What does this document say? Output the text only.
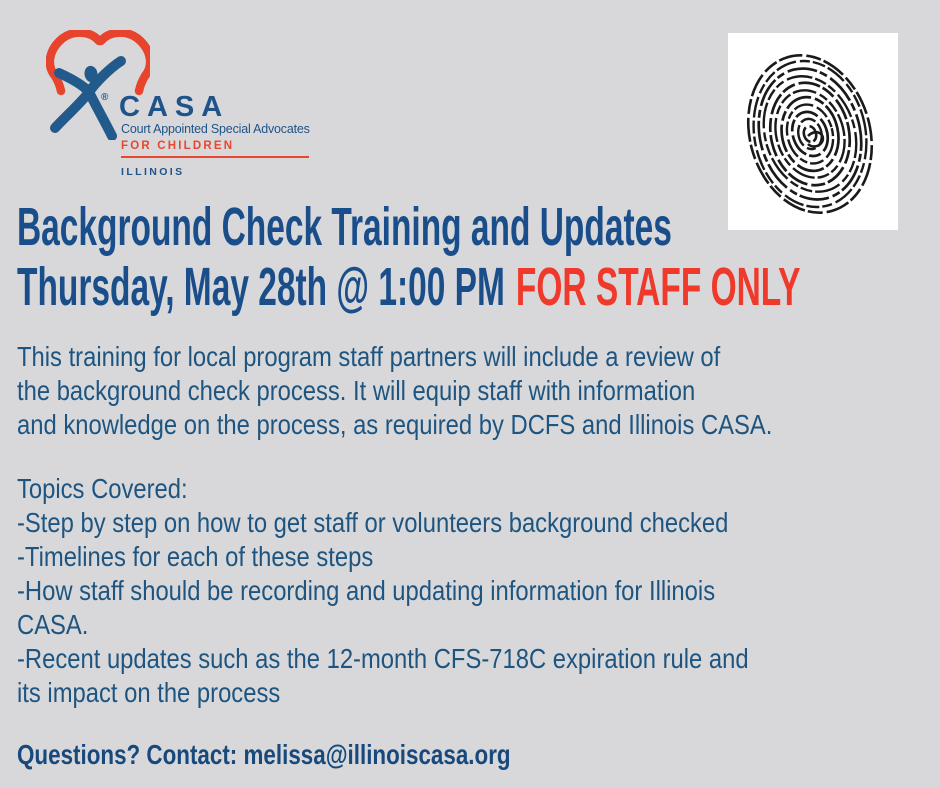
® CASA
Court Appointed Special Advocates
FOR CHILDREN
ILLINOIS
Background Check Training and Updates
Thursday, May 28th @ 1:00 PM FOR STAFF ONLY
This training for local program staff partners will include a review of
the background check process. It will equip staff with information
and knowledge on the process, as required by DCFS and Illinois CASA.
Topics Covered:
-Step by step on how to get staff or volunteers background checked
-Timelines for each of these steps
-How staff should be recording and updating information for Illinois
CASA.
-Recent updates such as the 12-month CFS-718C expiration rule and
its impact on the process
Questions? Contact: melissa@illinoiscasa.org
